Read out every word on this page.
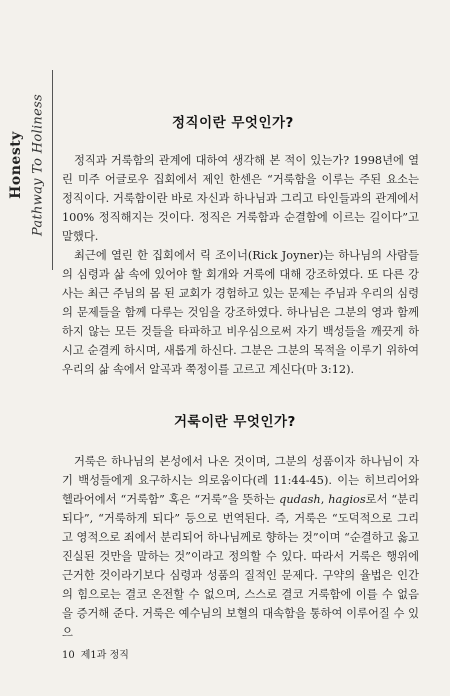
Honesty Pathway To Holiness	정직이란 무엇인가?

정직과 거룩함의 관계에 대하여 생각해 본 적이 있는가? 1998년에 열린 미주 어글로우 집회에서 제인 한센은 “거룩함을 이루는 주된 요소는 정직이다. 거룩함이란 바로 자신과 하나님과 그리고 타인들과의 관계에서 100% 정직해지는 것이다. 정직은 거룩함과 순결함에 이르는 길이다”고 말했다.

최근에 열린 한 집회에서 릭 조이너(Rick Joyner)는 하나님의 사람들의 심령과 삶 속에 있어야 할 회개와 거룩에 대해 강조하였다. 또 다른 강사는 최근 주님의 몸 된 교회가 경험하고 있는 문제는 주님과 우리의 심령의 문제들을 함께 다루는 것임을 강조하였다. 하나님은 그분의 영과 함께하지 않는 모든 것들을 타파하고 비우심으로써 자기 백성들을 깨끗게 하시고 순결케 하시며, 새롭게 하신다. 그분은 그분의 목적을 이루기 위하여 우리의 삶 속에서 알곡과 쭉정이를 고르고 계신다(마 3:12).

거룩이란 무엇인가?

거룩은 하나님의 본성에서 나온 것이며, 그분의 성품이자 하나님이 자기 백성들에게 요구하시는 의로움이다(레 11:44-45). 이는 히브리어와 헬라어에서 “거룩함” 혹은 “거룩”을 뜻하는 qudash, hagios로서 “분리되다”, “거룩하게 되다” 등으로 번역된다. 즉, 거룩은 “도덕적으로 그리고 영적으로 죄에서 분리되어 하나님께로 향하는 것”이며 “순결하고 옳고 진실된 것만을 말하는 것”이라고 정의할 수 있다. 따라서 거룩은 행위에 근거한 것이라기보다 심령과 성품의 질적인 문제다. 구약의 율법은 인간의 힘으로는 결코 온전할 수 없으며, 스스로 결코 거룩함에 이를 수 없음을 증거해 준다. 거룩은 예수님의 보혈의 대속함을 통하여 이루어질 수 있으

10 제1과 정직
